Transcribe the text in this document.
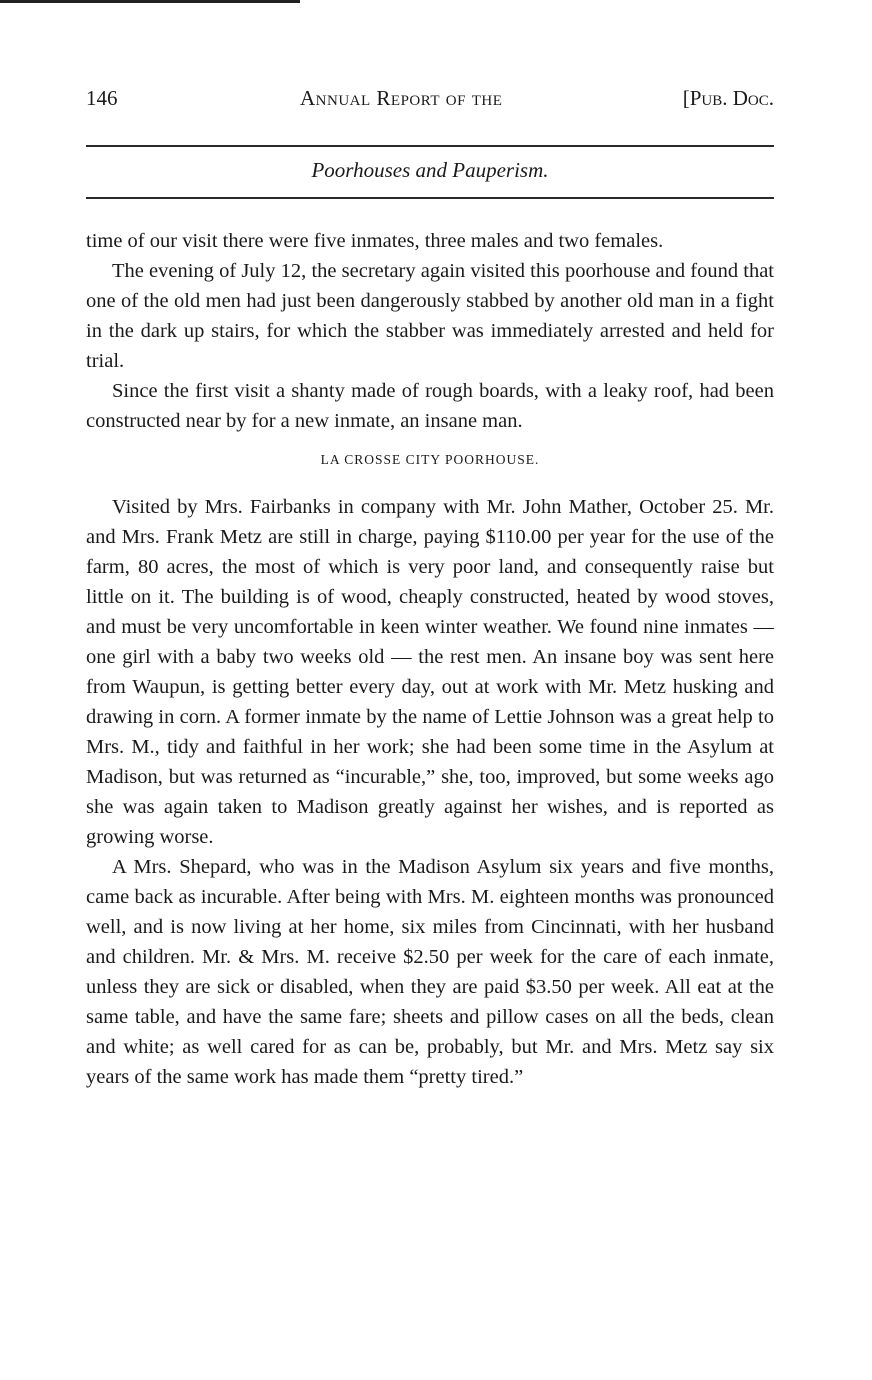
146	Annual Report of the	[Pub. Doc.
Poorhouses and Pauperism.

time of our visit there were five inmates, three males and two females.

The evening of July 12, the secretary again visited this poorhouse and found that one of the old men had just been dangerously stabbed by another old man in a fight in the dark up stairs, for which the stabber was immediately arrested and held for trial.

Since the first visit a shanty made of rough boards, with a leaky roof, had been constructed near by for a new inmate, an insane man.

LA CROSSE CITY POORHOUSE.

Visited by Mrs. Fairbanks in company with Mr. John Mather, October 25. Mr. and Mrs. Frank Metz are still in charge, paying $110.00 per year for the use of the farm, 80 acres, the most of which is very poor land, and consequently raise but little on it. The building is of wood, cheaply constructed, heated by wood stoves, and must be very uncomfortable in keen winter weather. We found nine inmates — one girl with a baby two weeks old — the rest men. An insane boy was sent here from Waupun, is getting better every day, out at work with Mr. Metz husking and drawing in corn. A former inmate by the name of Lettie Johnson was a great help to Mrs. M., tidy and faithful in her work; she had been some time in the Asylum at Madison, but was returned as “incurable,” she, too, improved, but some weeks ago she was again taken to Madison greatly against her wishes, and is reported as growing worse.

A Mrs. Shepard, who was in the Madison Asylum six years and five months, came back as incurable. After being with Mrs. M. eighteen months was pronounced well, and is now living at her home, six miles from Cincinnati, with her husband and children. Mr. & Mrs. M. receive $2.50 per week for the care of each inmate, unless they are sick or disabled, when they are paid $3.50 per week. All eat at the same table, and have the same fare; sheets and pillow cases on all the beds, clean and white; as well cared for as can be, probably, but Mr. and Mrs. Metz say six years of the same work has made them “pretty tired.”
